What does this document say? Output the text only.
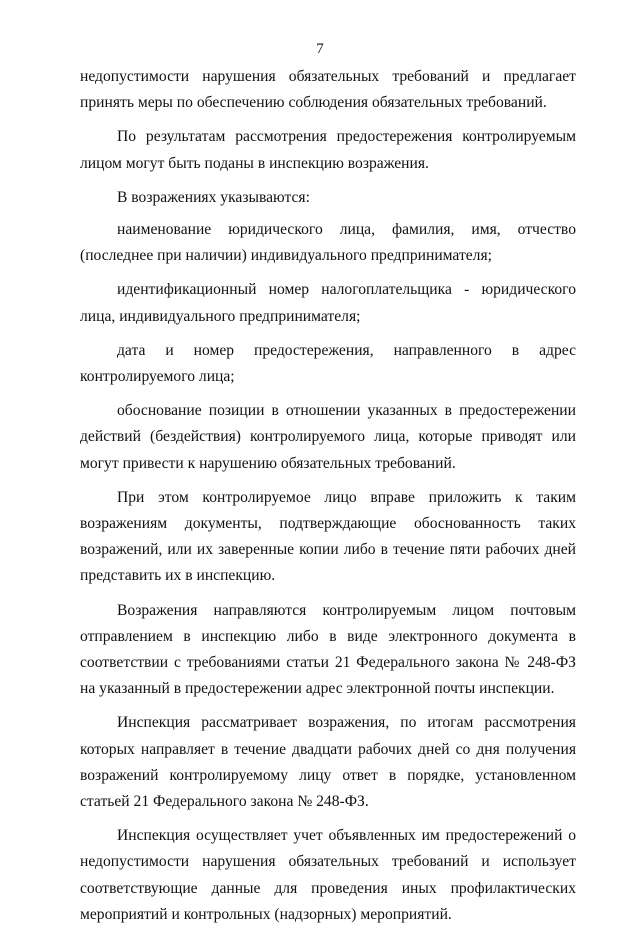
7

недопустимости нарушения обязательных требований и предлагает принять меры по обеспечению соблюдения обязательных требований.

По результатам рассмотрения предостережения контролируемым лицом могут быть поданы в инспекцию возражения.

В возражениях указываются:

наименование юридического лица, фамилия, имя, отчество (последнее при наличии) индивидуального предпринимателя;

идентификационный номер налогоплательщика - юридического лица, индивидуального предпринимателя;

дата и номер предостережения, направленного в адрес контролируемого лица;

обоснование позиции в отношении указанных в предостережении действий (бездействия) контролируемого лица, которые приводят или могут привести к нарушению обязательных требований.

При этом контролируемое лицо вправе приложить к таким возражениям документы, подтверждающие обоснованность таких возражений, или их заверенные копии либо в течение пяти рабочих дней представить их в инспекцию.

Возражения направляются контролируемым лицом почтовым отправлением в инспекцию либо в виде электронного документа в соответствии с требованиями статьи 21 Федерального закона № 248-ФЗ на указанный в предостережении адрес электронной почты инспекции.

Инспекция рассматривает возражения, по итогам рассмотрения которых направляет в течение двадцати рабочих дней со дня получения возражений контролируемому лицу ответ в порядке, установленном статьей 21 Федерального закона № 248-ФЗ.

Инспекция осуществляет учет объявленных им предостережений о недопустимости нарушения обязательных требований и использует соответствующие данные для проведения иных профилактических мероприятий и контрольных (надзорных) мероприятий.
